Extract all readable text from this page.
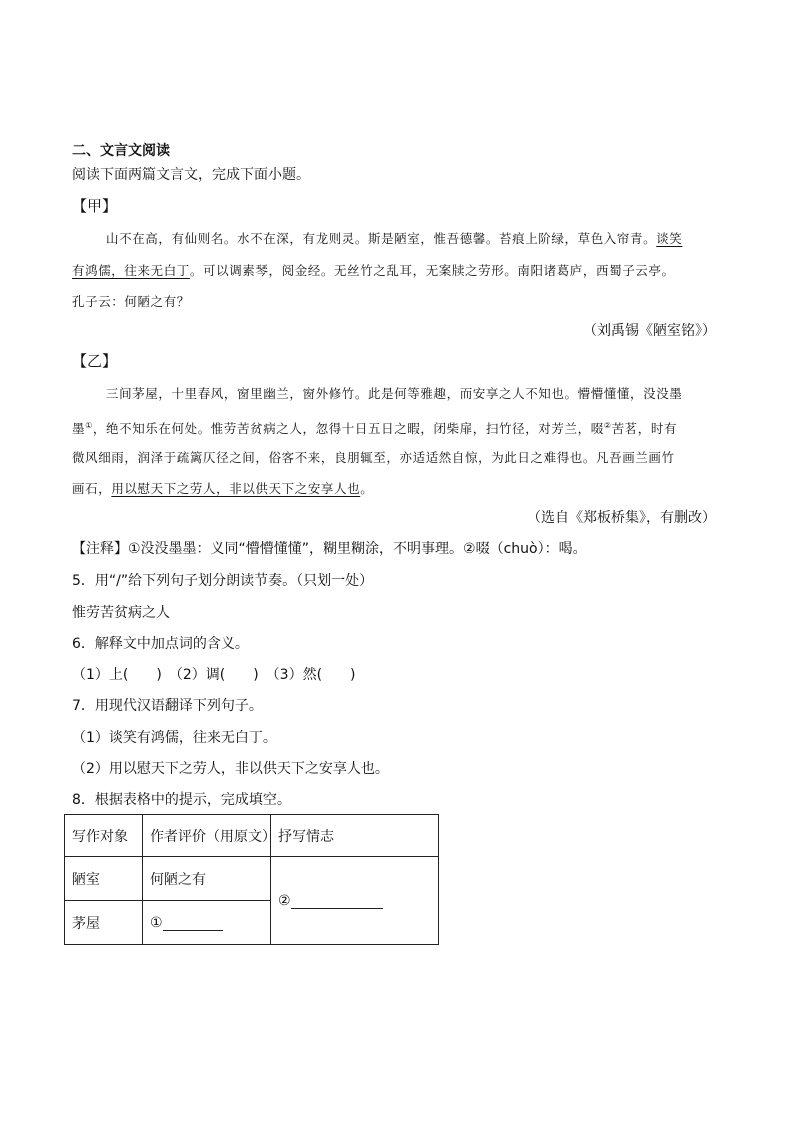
二、文言文阅读
阅读下面两篇文言文，完成下面小题。
【甲】
山不在高，有仙则名。水不在深，有龙则灵。斯是陋室，惟吾德馨。苔痕上阶绿，草色入帘青。谈笑
有鸿儒，往来无白丁。可以调素琴，阅金经。无丝竹之乱耳，无案牍之劳形。南阳诸葛庐，西蜀子云亭。
孔子云：何陋之有？
（刘禹锡《陋室铭》）
【乙】
三间茅屋，十里春风，窗里幽兰，窗外修竹。此是何等雅趣，而安享之人不知也。懵懵懂懂，没没墨
墨①，绝不知乐在何处。惟劳苦贫病之人，忽得十日五日之暇，闭柴扉，扫竹径，对芳兰，啜②苦茗，时有
微风细雨，润泽于疏篱仄径之间，俗客不来，良朋辄至，亦适适然自惊，为此日之难得也。凡吾画兰画竹
画石，用以慰天下之劳人，非以供天下之安享人也。
（选自《郑板桥集》，有删改）
【注释】①没没墨墨：义同“懵懵懂懂”，糊里糊涂，不明事理。②啜（chuò）：喝。
5．用“/”给下列句子划分朗读节奏。（只划一处）
惟劳苦贫病之人
6．解释文中加点词的含义。
（1）上(　　)　（2）调(　　)　（3）然(　　)
7．用现代汉语翻译下列句子。
（1）谈笑有鸿儒，往来无白丁。
（2）用以慰天下之劳人，非以供天下之安享人也。
8．根据表格中的提示，完成填空。
写作对象	作者评价（用原文）	抒写情志
陋室	何陋之有	②
茅屋	①	
